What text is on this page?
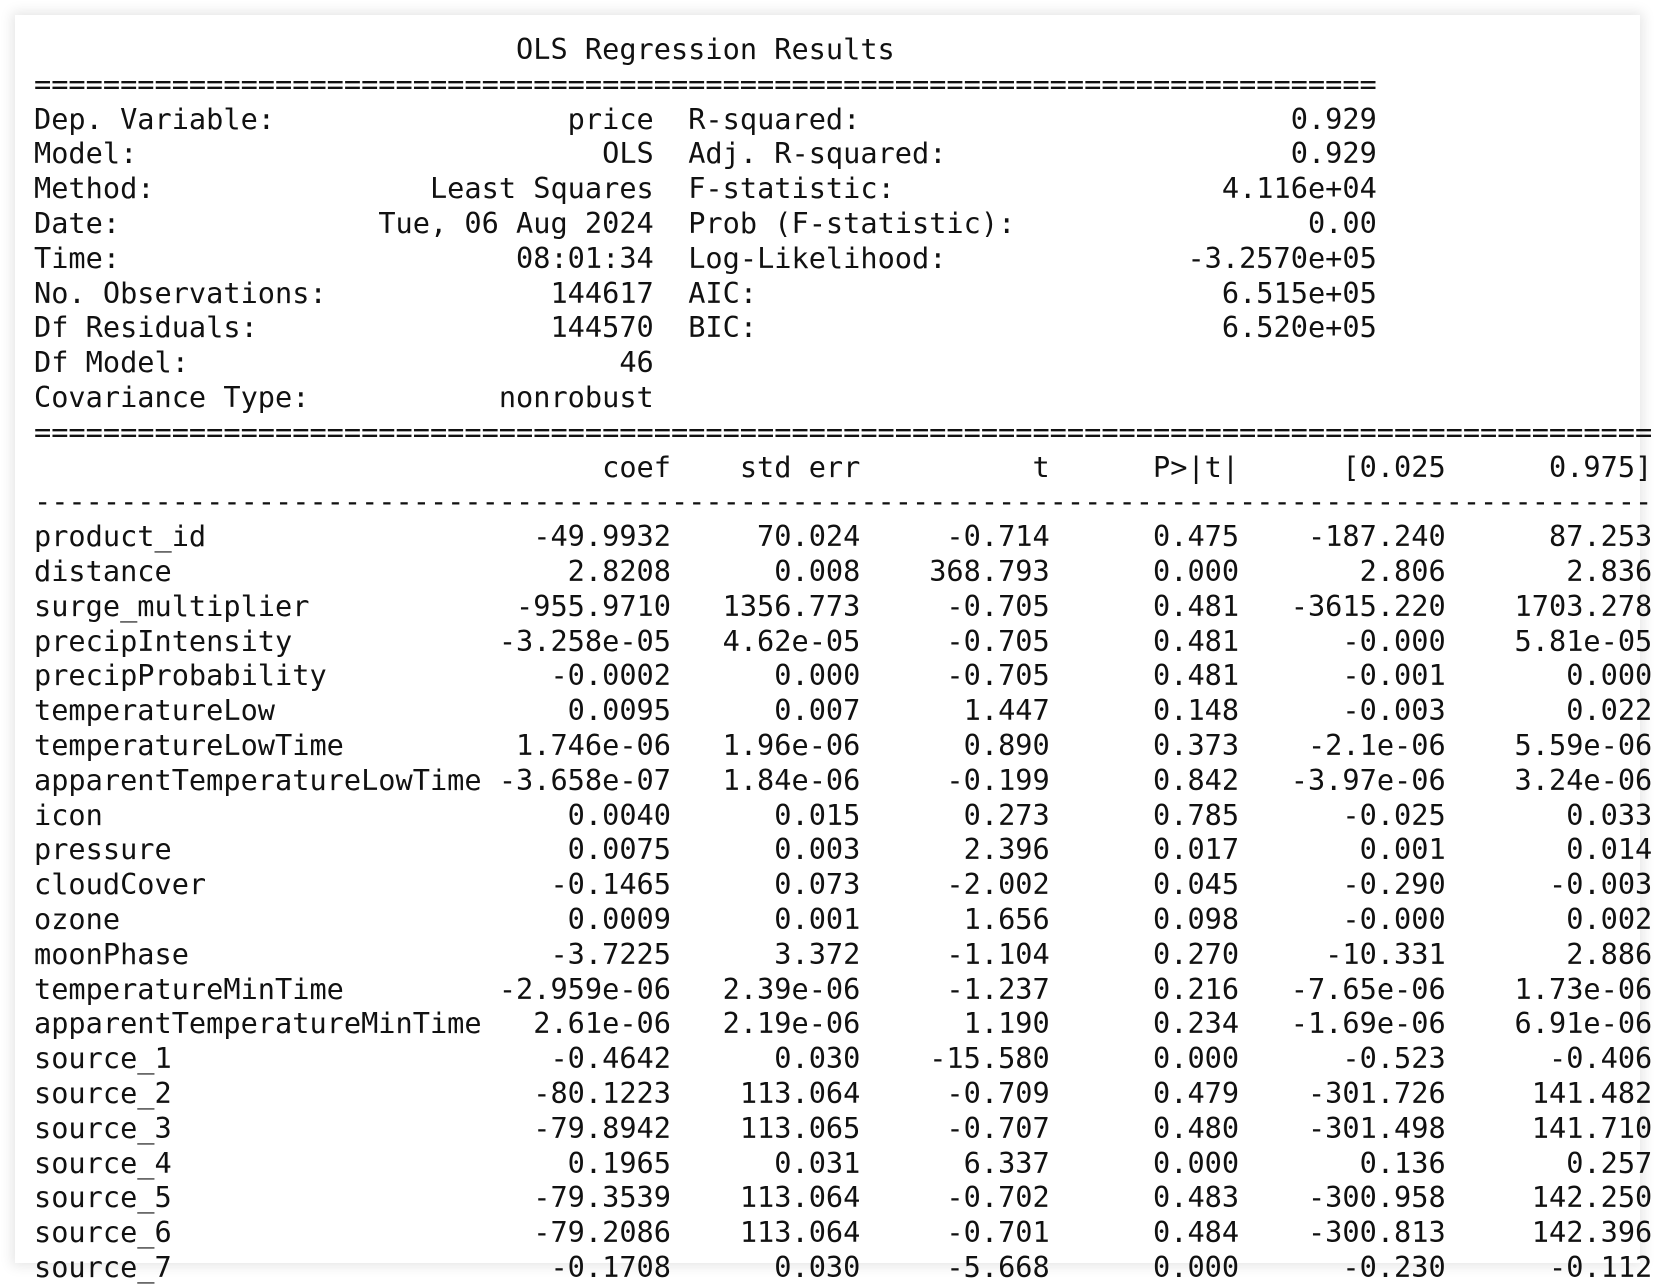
OLS Regression Results
==============================================================================
Dep. Variable:                 price R-squared:                         0.929
Model:                           OLS Adj. R-squared:                    0.929
Method:                Least Squares F-statistic:                   4.116e+04
Date:               Tue, 06 Aug 2024 Prob (F-statistic):                 0.00
Time:                       08:01:34 Log-Likelihood:              -3.2570e+05
No. Observations:             144617 AIC:                           6.515e+05
Df Residuals:                 144570 BIC:                           6.520e+05
Df Model:                         46
Covariance Type:           nonrobust
==============================================================================================
coef    std err          t      P>|t|      [0.025      0.975]
----------------------------------------------------------------------------------------------
product_id                   -49.9932     70.024     -0.714      0.475    -187.240      87.253
distance                       2.8208      0.008    368.793      0.000       2.806       2.836
surge_multiplier            -955.9710   1356.773     -0.705      0.481   -3615.220    1703.278
precipIntensity            -3.258e-05   4.62e-05     -0.705      0.481      -0.000    5.81e-05
precipProbability             -0.0002      0.000     -0.705      0.481      -0.001       0.000
temperatureLow                 0.0095      0.007      1.447      0.148      -0.003       0.022
temperatureLowTime          1.746e-06   1.96e-06      0.890      0.373    -2.1e-06    5.59e-06
apparentTemperatureLowTime -3.658e-07   1.84e-06     -0.199      0.842   -3.97e-06    3.24e-06
icon                           0.0040      0.015      0.273      0.785      -0.025       0.033
pressure                       0.0075      0.003      2.396      0.017       0.001       0.014
cloudCover                    -0.1465      0.073     -2.002      0.045      -0.290      -0.003
ozone                          0.0009      0.001      1.656      0.098      -0.000       0.002
moonPhase                     -3.7225      3.372     -1.104      0.270     -10.331       2.886
temperatureMinTime         -2.959e-06   2.39e-06     -1.237      0.216   -7.65e-06    1.73e-06
apparentTemperatureMinTime   2.61e-06   2.19e-06      1.190      0.234   -1.69e-06    6.91e-06
source_1                      -0.4642      0.030    -15.580      0.000      -0.523      -0.406
source_2                     -80.1223    113.064     -0.709      0.479    -301.726     141.482
source_3                     -79.8942    113.065     -0.707      0.480    -301.498     141.710
source_4                       0.1965      0.031      6.337      0.000       0.136       0.257
source_5                     -79.3539    113.064     -0.702      0.483    -300.958     142.250
source_6                     -79.2086    113.064     -0.701      0.484    -300.813     142.396
source_7                      -0.1708      0.030     -5.668      0.000      -0.230      -0.112
